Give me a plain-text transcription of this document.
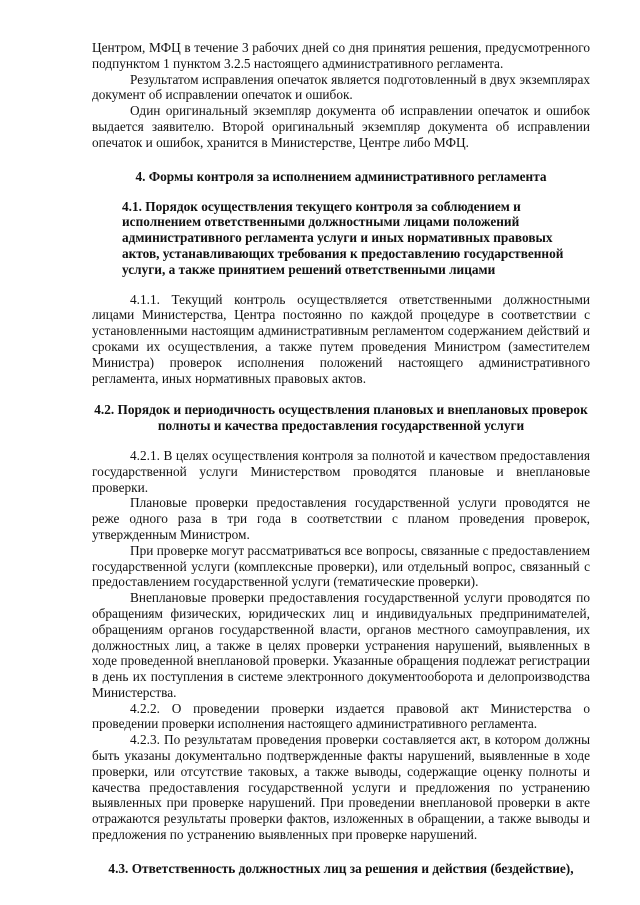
Центром, МФЦ в течение 3 рабочих дней со дня принятия решения, предусмотренного подпунктом 1 пунктом 3.2.5 настоящего административного регламента.

Результатом исправления опечаток является подготовленный в двух экземплярах документ об исправлении опечаток и ошибок.

Один оригинальный экземпляр документа об исправлении опечаток и ошибок выдается заявителю. Второй оригинальный экземпляр документа об исправлении опечаток и ошибок, хранится в Министерстве, Центре либо МФЦ.

4. Формы контроля за исполнением административного регламента
4.1. Порядок осуществления текущего контроля за соблюдением и исполнением ответственными должностными лицами положений административного регламента услуги и иных нормативных правовых актов, устанавливающих требования к предоставлению государственной услуги, а также принятием решений ответственными лицами

4.1.1. Текущий контроль осуществляется ответственными должностными лицами Министерства, Центра постоянно по каждой процедуре в соответствии с установленными настоящим административным регламентом содержанием действий и сроками их осуществления, а также путем проведения Министром (заместителем Министра) проверок исполнения положений настоящего административного регламента, иных нормативных правовых актов.

4.2. Порядок и периодичность осуществления плановых и внеплановых проверок полноты и качества предоставления государственной услуги

4.2.1. В целях осуществления контроля за полнотой и качеством предоставления государственной услуги Министерством проводятся плановые и внеплановые проверки.

Плановые проверки предоставления государственной услуги проводятся не реже одного раза в три года в соответствии с планом проведения проверок, утвержденным Министром.

При проверке могут рассматриваться все вопросы, связанные с предоставлением государственной услуги (комплексные проверки), или отдельный вопрос, связанный с предоставлением государственной услуги (тематические проверки).

Внеплановые проверки предоставления государственной услуги проводятся по обращениям физических, юридических лиц и индивидуальных предпринимателей, обращениям органов государственной власти, органов местного самоуправления, их должностных лиц, а также в целях проверки устранения нарушений, выявленных в ходе проведенной внеплановой проверки. Указанные обращения подлежат регистрации в день их поступления в системе электронного документооборота и делопроизводства Министерства.

4.2.2. О проведении проверки издается правовой акт Министерства о проведении проверки исполнения настоящего административного регламента.

4.2.3. По результатам проведения проверки составляется акт, в котором должны быть указаны документально подтвержденные факты нарушений, выявленные в ходе проверки, или отсутствие таковых, а также выводы, содержащие оценку полноты и качества предоставления государственной услуги и предложения по устранению выявленных при проверке нарушений. При проведении внеплановой проверки в акте отражаются результаты проверки фактов, изложенных в обращении, а также выводы и предложения по устранению выявленных при проверке нарушений.

4.3. Ответственность должностных лиц за решения и действия (бездействие),
